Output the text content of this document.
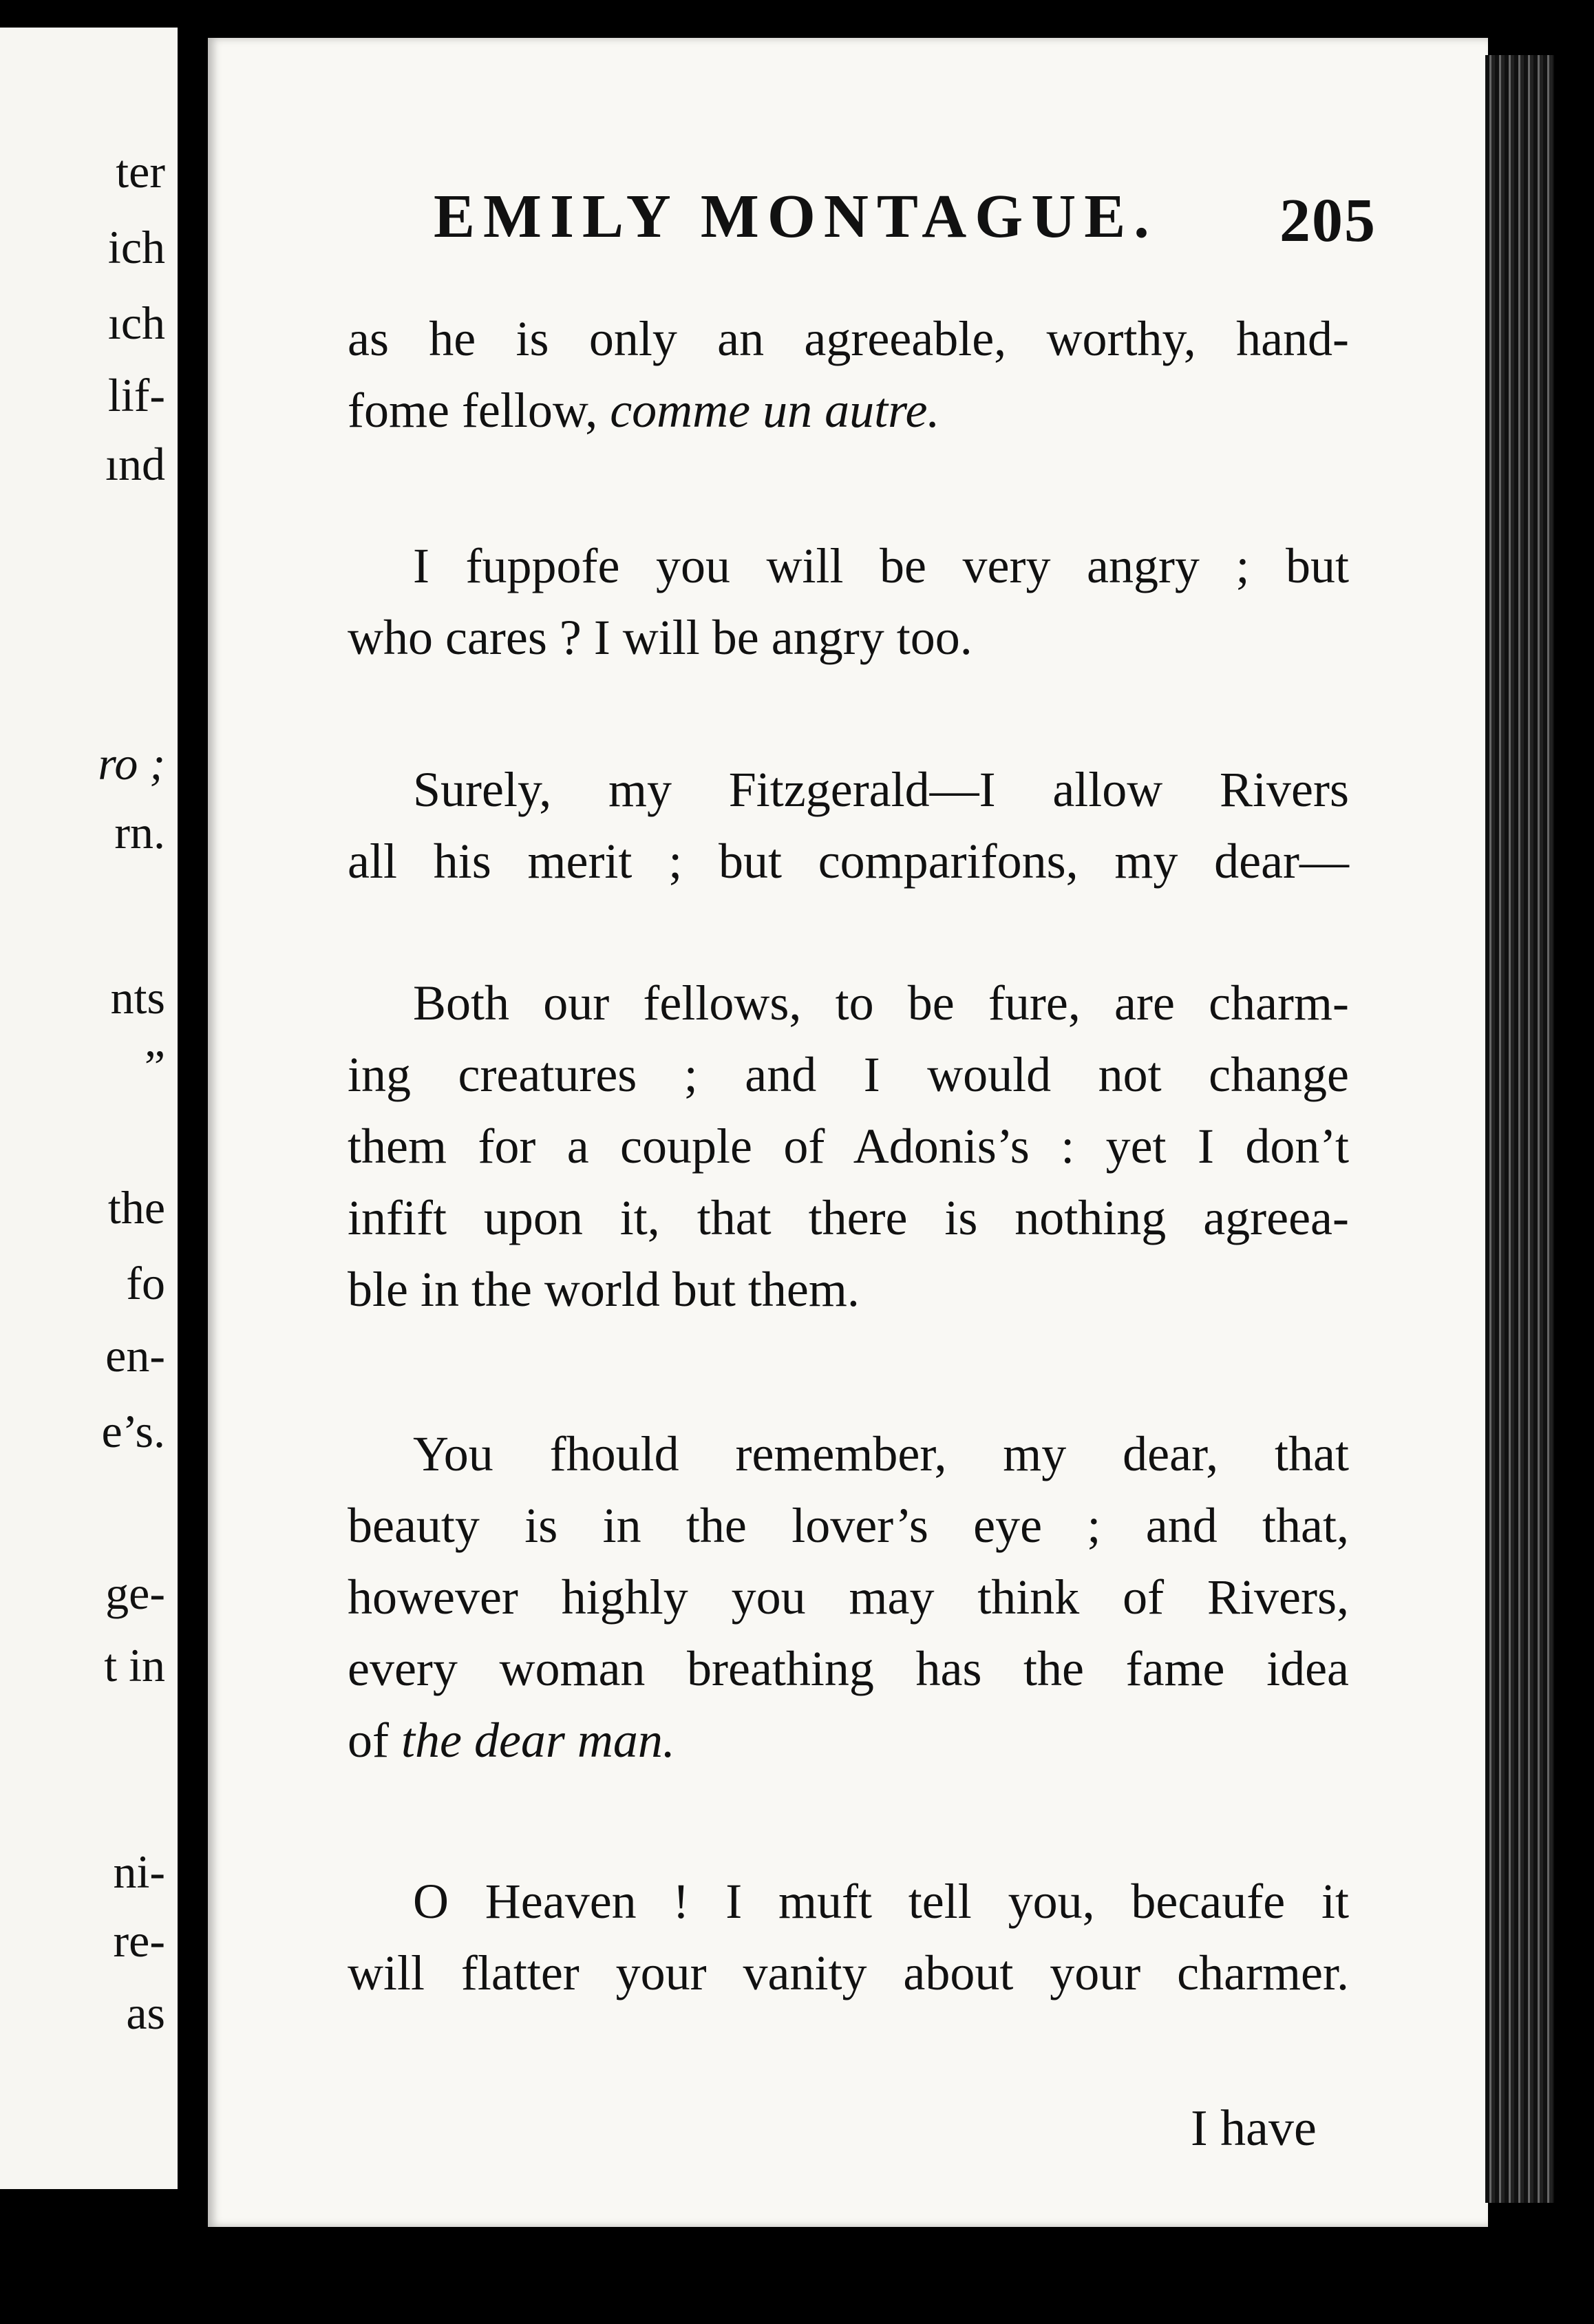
ter
ich
ıch
lif-
ınd
ro ;
rn.
nts
”
the
fo
en-
e’s.
ge-
t in
ni-
re-
as
EMILY MONTAGUE. 205
as he is only an agreeable, worthy, hand-
fome fellow, comme un autre.
I fuppofe you will be very angry ; but
who cares ? I will be angry too.
Surely, my Fitzgerald—I allow Rivers
all his merit ; but comparifons, my dear—
Both our fellows, to be fure, are charm-
ing creatures ; and I would not change
them for a couple of Adonis’s : yet I don’t
infift upon it, that there is nothing agreea-
ble in the world but them.
You fhould remember, my dear, that
beauty is in the lover’s eye ; and that,
however highly you may think of Rivers,
every woman breathing has the fame idea
of the dear man.
O Heaven ! I muft tell you, becaufe it
will flatter your vanity about your charmer.
I have
